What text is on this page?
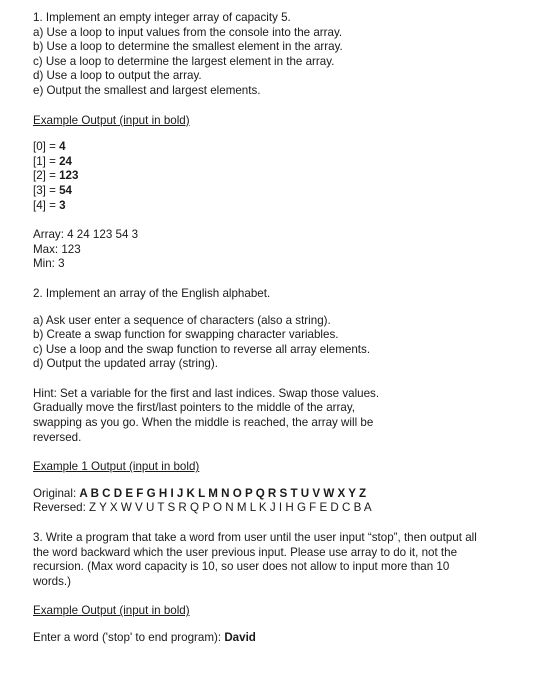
1. Implement an empty integer array of capacity 5.
a) Use a loop to input values from the console into the array.
b) Use a loop to determine the smallest element in the array.
c) Use a loop to determine the largest element in the array.
d) Use a loop to output the array.
e) Output the smallest and largest elements.
Example Output (input in bold)
[0] = 4
[1] = 24
[2] = 123
[3] = 54
[4] = 3
Array: 4 24 123 54 3
Max: 123
Min: 3
2. Implement an array of the English alphabet.
a) Ask user enter a sequence of characters (also a string).
b) Create a swap function for swapping character variables.
c) Use a loop and the swap function to reverse all array elements.
d) Output the updated array (string).
Hint: Set a variable for the first and last indices. Swap those values.
Gradually move the first/last pointers to the middle of the array,
swapping as you go. When the middle is reached, the array will be
reversed.
Example 1 Output (input in bold)
Original: A B C D E F G H I J K L M N O P Q R S T U V W X Y Z
Reversed: Z Y X W V U T S R Q P O N M L K J I H G F E D C B A
3. Write a program that take a word from user until the user input “stop”, then output all
the word backward which the user previous input. Please use array to do it, not the
recursion. (Max word capacity is 10, so user does not allow to input more than 10
words.)
Example Output (input in bold)
Enter a word ('stop' to end program): David
